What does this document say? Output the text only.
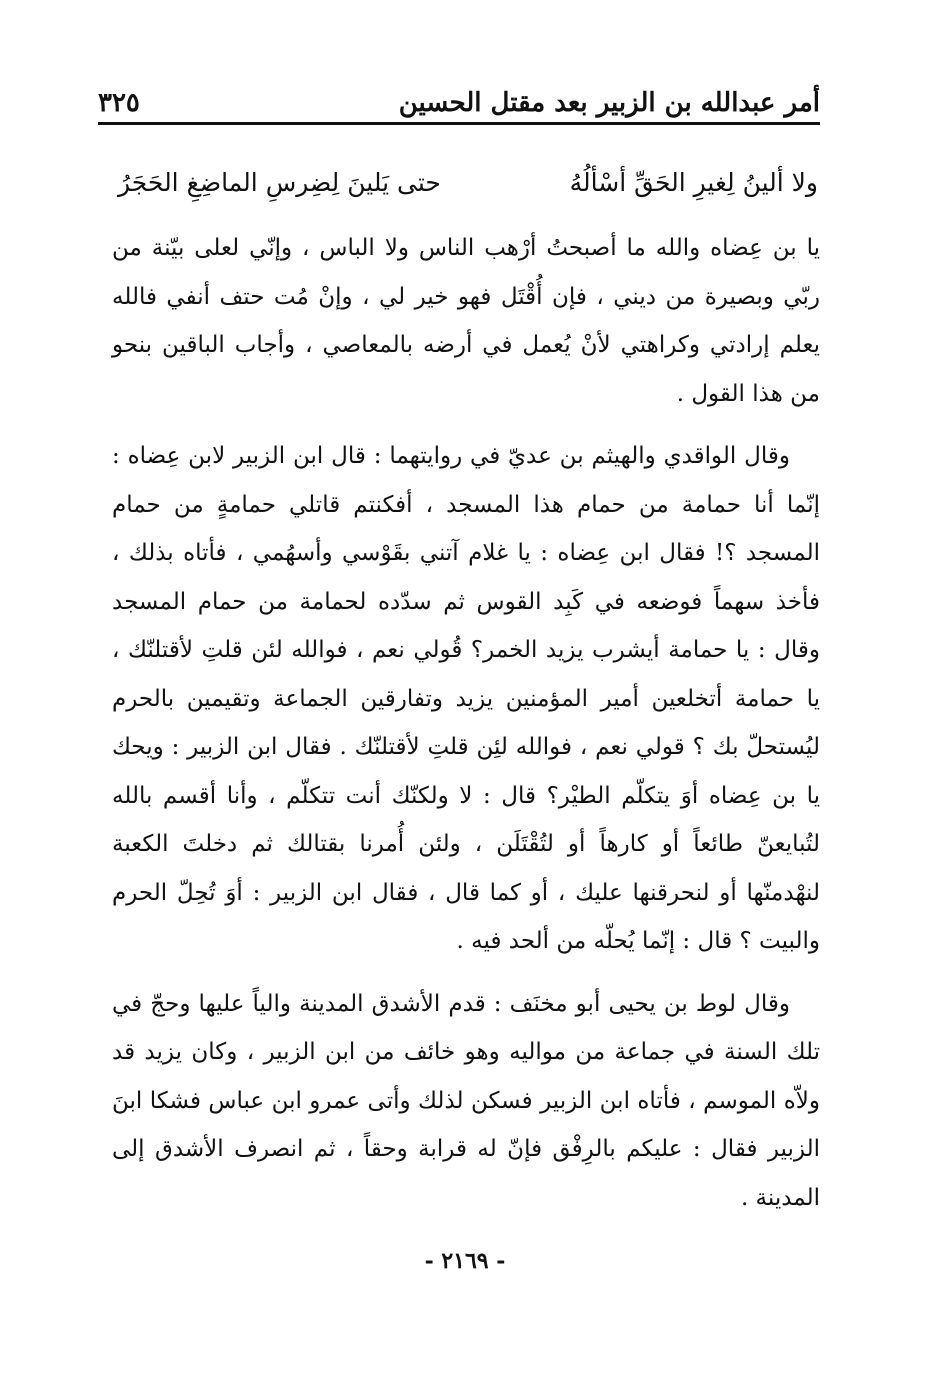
أمر عبدالله بن الزبير بعد مقتل الحسين
٣٢٥
ولا ألينُ لِغيرِ الحَقِّ أسْألُهُ
حتى يَلينَ لِضِرسِ الماضِغِ الحَجَرُ

يا بن عِضاه والله ما أصبحتُ أرْهب الناس ولا الباس ، وإنّي لعلى بيّنة من ربّي وبصيرة من ديني ، فإن أُقْتَل فهو خير لي ، وإنْ مُت حتف أنفي فالله يعلم إرادتي وكراهتي لأنْ يُعمل في أرضه بالمعاصي ، وأجاب الباقين بنحو من هذا القول .

وقال الواقدي والهيثم بن عديّ في روايتهما : قال ابن الزبير لابن عِضاه : إنّما أنا حمامة من حمام هذا المسجد ، أفكنتم قاتلي حمامةٍ من حمام المسجد ؟! فقال ابن عِضاه : يا غلام آتني بقَوْسي وأسهُمي ، فأتاه بذلك ، فأخذ سهماً فوضعه في كَبِد القوس ثم سدّده لحمامة من حمام المسجد وقال : يا حمامة أيشرب يزيد الخمر؟ قُولي نعم ، فوالله لئن قلتِ لأقتلنّك ، يا حمامة أتخلعين أمير المؤمنين يزيد وتفارقين الجماعة وتقيمين بالحرم ليُستحلّ بك ؟ قولي نعم ، فوالله لئِن قلتِ لأقتلنّك . فقال ابن الزبير : ويحك يا بن عِضاه أوَ يتكلّم الطيْر؟ قال : لا ولكنّك أنت تتكلّم ، وأنا أقسم بالله لتُبايعنّ طائعاً أو كارهاً أو لتُقْتَلَن ، ولئن أُمرنا بقتالك ثم دخلتَ الكعبة لنهْدمنّها أو لنحرقنها عليك ، أو كما قال ، فقال ابن الزبير : أوَ تُحِلّ الحرم والبيت ؟ قال : إنّما يُحلّه من ألحد فيه .

وقال لوط بن يحيى أبو مخنَف : قدم الأشدق المدينة والياً عليها وحجّ في تلك السنة في جماعة من مواليه وهو خائف من ابن الزبير ، وكان يزيد قد ولاّه الموسم ، فأتاه ابن الزبير فسكن لذلك وأتى عمرو ابن عباس فشكا ابنَ الزبير فقال : عليكم بالرِفْق فإنّ له قرابة وحقاً ، ثم انصرف الأشدق إلى المدينة .

- ٢١٦٩ -
